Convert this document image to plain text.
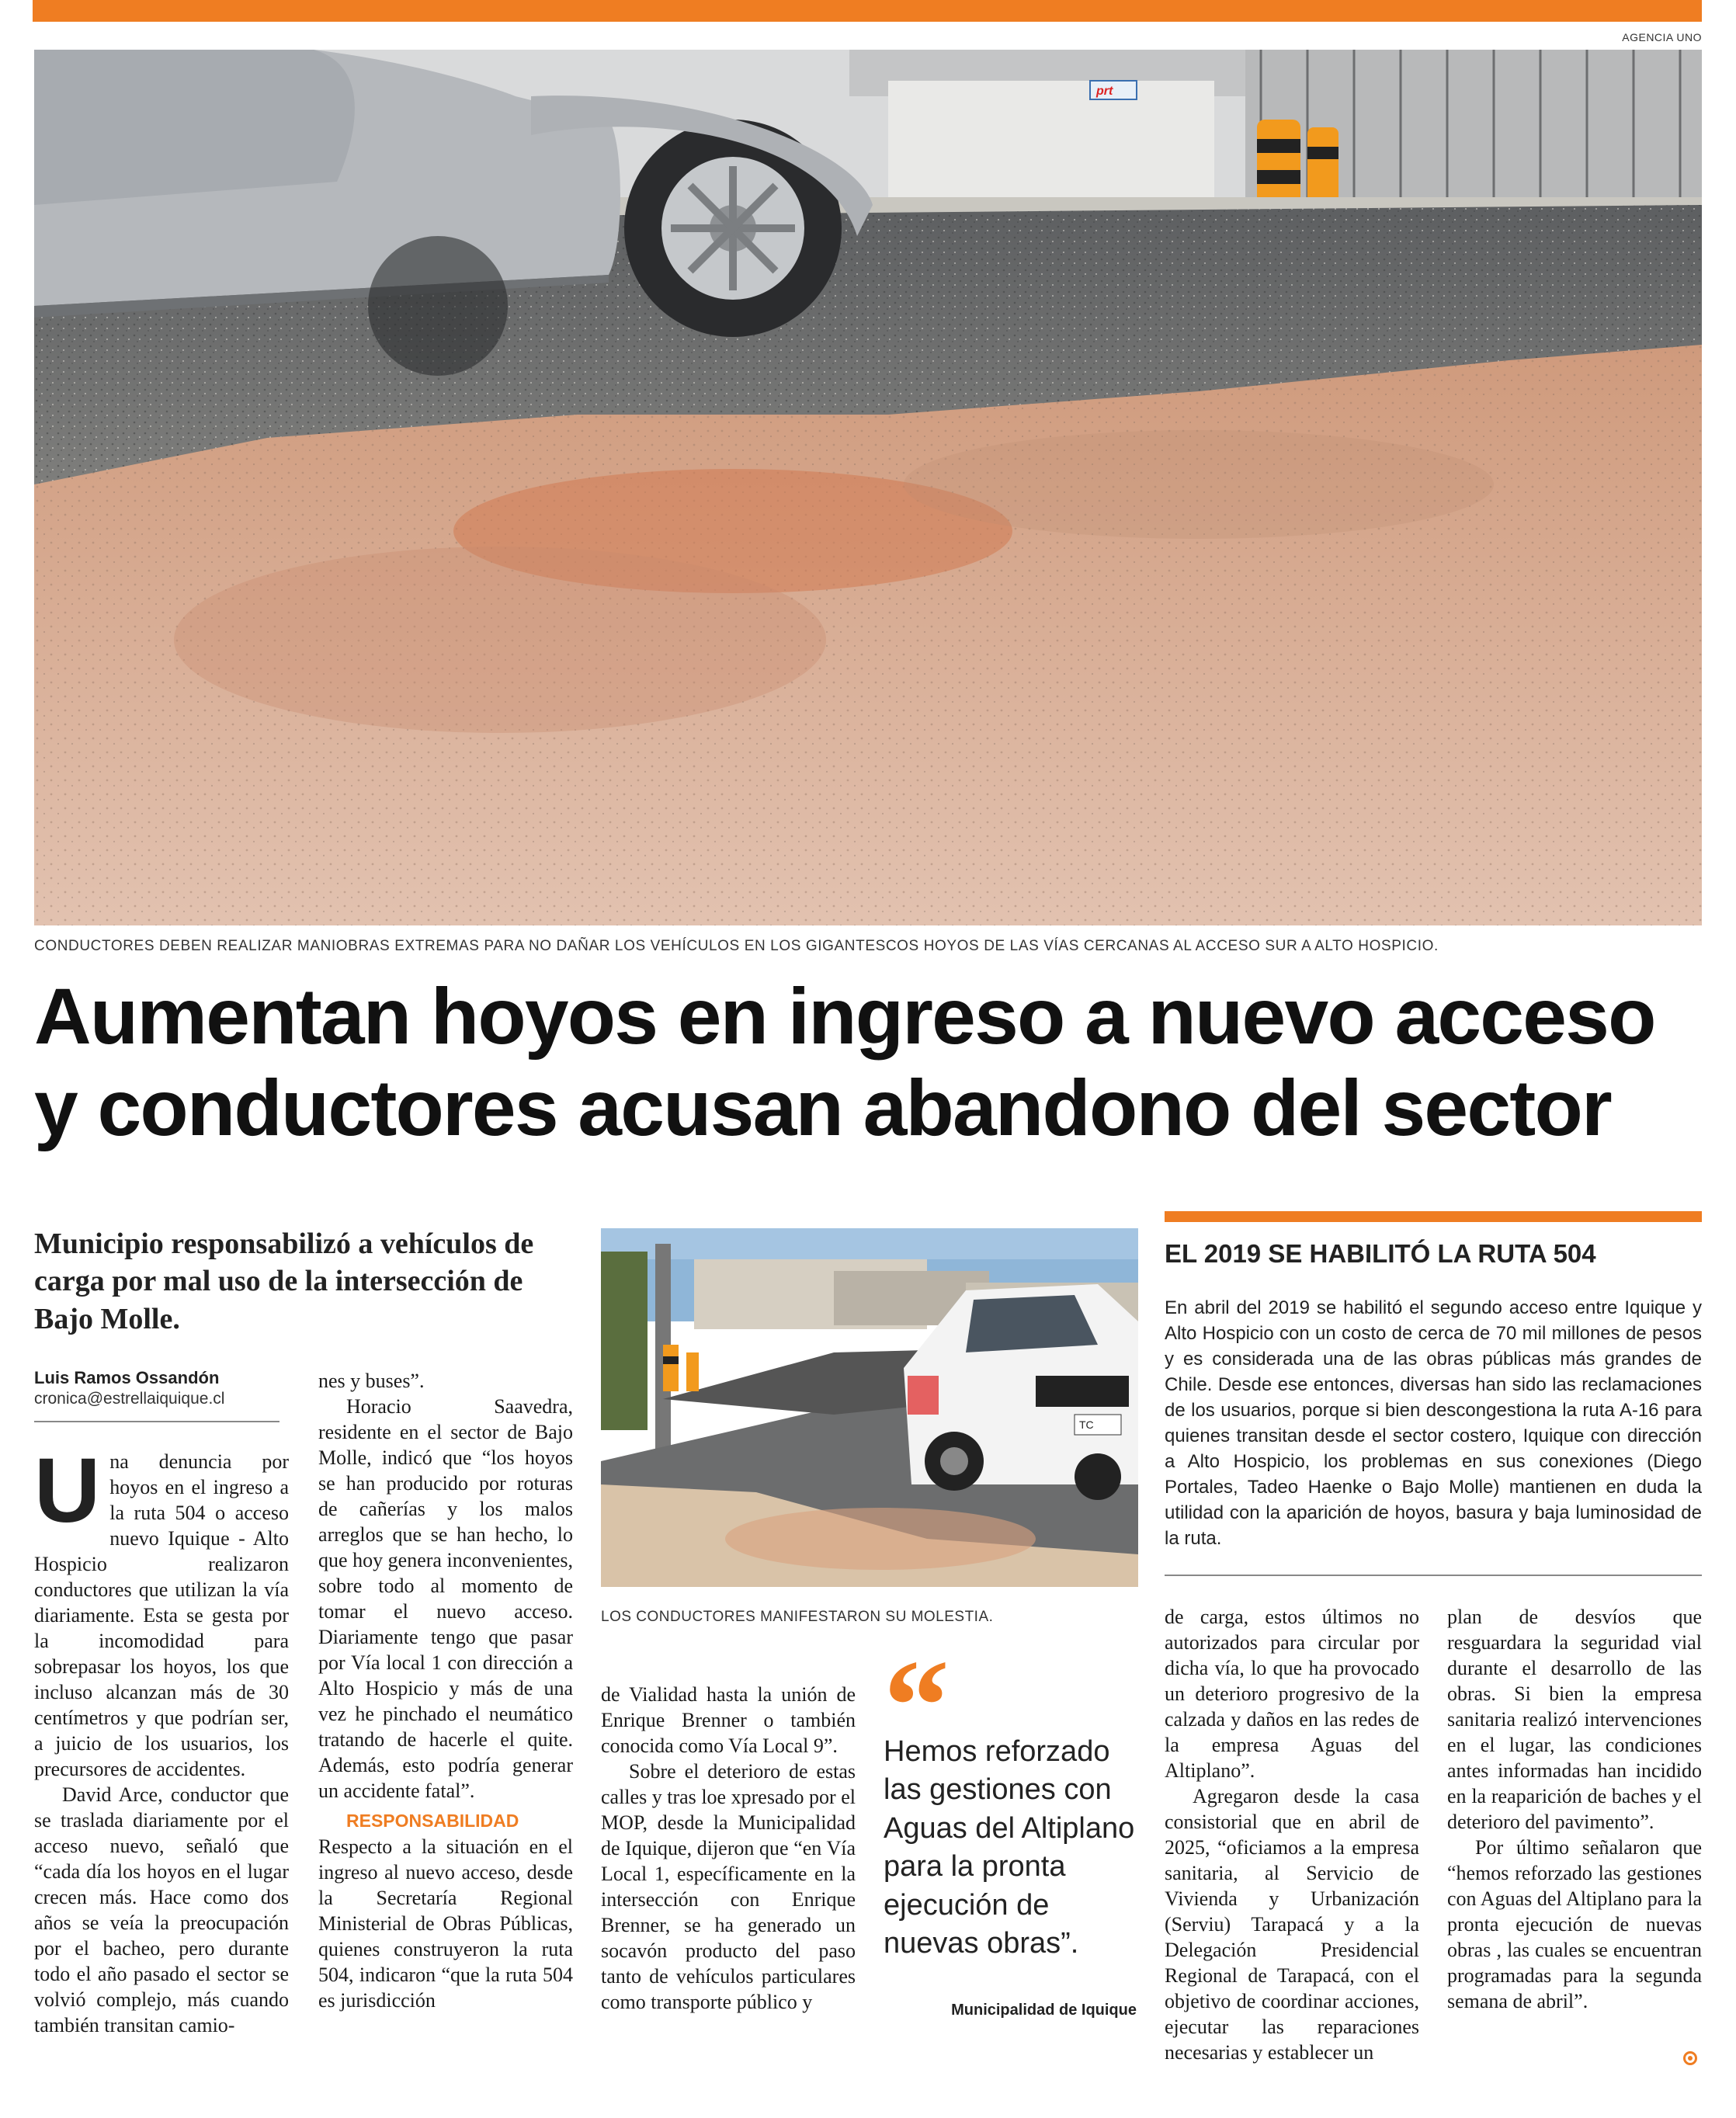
AGENCIA UNO
prt
CONDUCTORES DEBEN REALIZAR MANIOBRAS EXTREMAS PARA NO DAÑAR LOS VEHÍCULOS EN LOS GIGANTESCOS HOYOS DE LAS VÍAS CERCANAS AL ACCESO SUR A ALTO HOSPICIO.
Aumentan hoyos en ingreso a nuevo acceso
y conductores acusan abandono del sector
Municipio responsabilizó a vehículos de carga por mal uso de la intersección de Bajo Molle.
Luis Ramos Ossandón
cronica@estrellaiquique.cl

Una denuncia por hoyos en el ingreso a la ruta 504 o acceso nuevo Iquique - Alto Hospicio realizaron conductores que utilizan la vía diariamente. Esta se gesta por la incomodidad para sobrepasar los hoyos, los que incluso alcanzan más de 30 centímetros y que podrían ser, a juicio de los usuarios, los precursores de accidentes.

David Arce, conductor que se traslada diariamente por el acceso nuevo, señaló que “cada día los hoyos en el lugar crecen más. Hace como dos años se veía la preocupación por el bacheo, pero durante todo el año pasado el sector se volvió complejo, más cuando también transitan camio-

nes y buses”.

Horacio Saavedra, residente en el sector de Bajo Molle, indicó que “los hoyos se han producido por roturas de cañerías y los malos arreglos que se han hecho, lo que hoy genera inconvenientes, sobre todo al momento de tomar el nuevo acceso. Diariamente tengo que pasar por Vía local 1 con dirección a Alto Hospicio y más de una vez he pinchado el neumático tratando de hacerle el quite. Además, esto podría generar un accidente fatal”.

RESPONSABILIDAD

Respecto a la situación en el ingreso al nuevo acceso, desde la Secretaría Regional Ministerial de Obras Públicas, quienes construyeron la ruta 504, indicaron “que la ruta 504 es jurisdicción

TC
LOS CONDUCTORES MANIFESTARON SU MOLESTIA.

de Vialidad hasta la unión de Enrique Brenner o también conocida como Vía Local 9”.

Sobre el deterioro de estas calles y tras loe xpresado por el MOP, desde la Municipalidad de Iquique, dijeron que “en Vía Local 1, específicamente en la intersección con Enrique Brenner, se ha generado un socavón producto del paso tanto de vehículos particulares como transporte público y

“
Hemos reforzado las gestiones con Aguas del Altiplano para la pronta ejecución de nuevas obras”.
Municipalidad de Iquique
EL 2019 SE HABILITÓ LA RUTA 504
En abril del 2019 se habilitó el segundo acceso entre Iquique y Alto Hospicio con un costo de cerca de 70 mil millones de pesos y es considerada una de las obras públicas más grandes de Chile. Desde ese entonces, diversas han sido las reclamaciones de los usuarios, porque si bien descongestiona la ruta A-16 para quienes transitan desde el sector costero, Iquique con dirección a Alto Hospicio, los problemas en sus conexiones (Diego Portales, Tadeo Haenke o Bajo Molle) mantienen en duda la utilidad con la aparición de hoyos, basura y baja luminosidad de la ruta.

de carga, estos últimos no autorizados para circular por dicha vía, lo que ha provocado un deterioro progresivo de la calzada y daños en las redes de la empresa Aguas del Altiplano”.

Agregaron desde la casa consistorial que en abril de 2025, “oficiamos a la empresa sanitaria, al Servicio de Vivienda y Urbanización (Serviu) Tarapacá y a la Delegación Presidencial Regional de Tarapacá, con el objetivo de coordinar acciones, ejecutar las reparaciones necesarias y establecer un

plan de desvíos que resguardara la seguridad vial durante el desarrollo de las obras. Si bien la empresa sanitaria realizó intervenciones en el lugar, las condiciones antes informadas han incidido en la reaparición de baches y el deterioro del pavimento”.

Por último señalaron que “hemos reforzado las gestiones con Aguas del Altiplano para la pronta ejecución de nuevas obras , las cuales se encuentran programadas para la segunda semana de abril”.
